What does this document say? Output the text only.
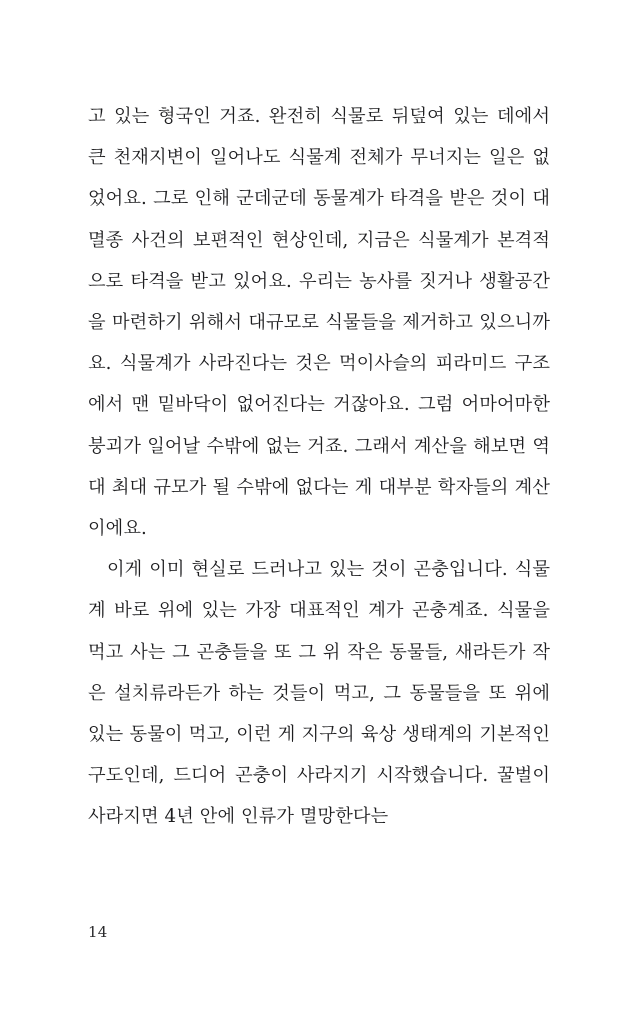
고 있는 형국인 거죠. 완전히 식물로 뒤덮여 있는 데에서 큰 천재지변이 일어나도 식물계 전체가 무너지는 일은 없었어요. 그로 인해 군데군데 동물계가 타격을 받은 것이 대멸종 사건의 보편적인 현상인데, 지금은 식물계가 본격적으로 타격을 받고 있어요. 우리는 농사를 짓거나 생활공간을 마련하기 위해서 대규모로 식물들을 제거하고 있으니까요. 식물계가 사라진다는 것은 먹이사슬의 피라미드 구조에서 맨 밑바닥이 없어진다는 거잖아요. 그럼 어마어마한 붕괴가 일어날 수밖에 없는 거죠. 그래서 계산을 해보면 역대 최대 규모가 될 수밖에 없다는 게 대부분 학자들의 계산이에요.

이게 이미 현실로 드러나고 있는 것이 곤충입니다. 식물계 바로 위에 있는 가장 대표적인 계가 곤충계죠. 식물을 먹고 사는 그 곤충들을 또 그 위 작은 동물들, 새라든가 작은 설치류라든가 하는 것들이 먹고, 그 동물들을 또 위에 있는 동물이 먹고, 이런 게 지구의 육상 생태계의 기본적인 구도인데, 드디어 곤충이 사라지기 시작했습니다. 꿀벌이 사라지면 4년 안에 인류가 멸망한다는

14
